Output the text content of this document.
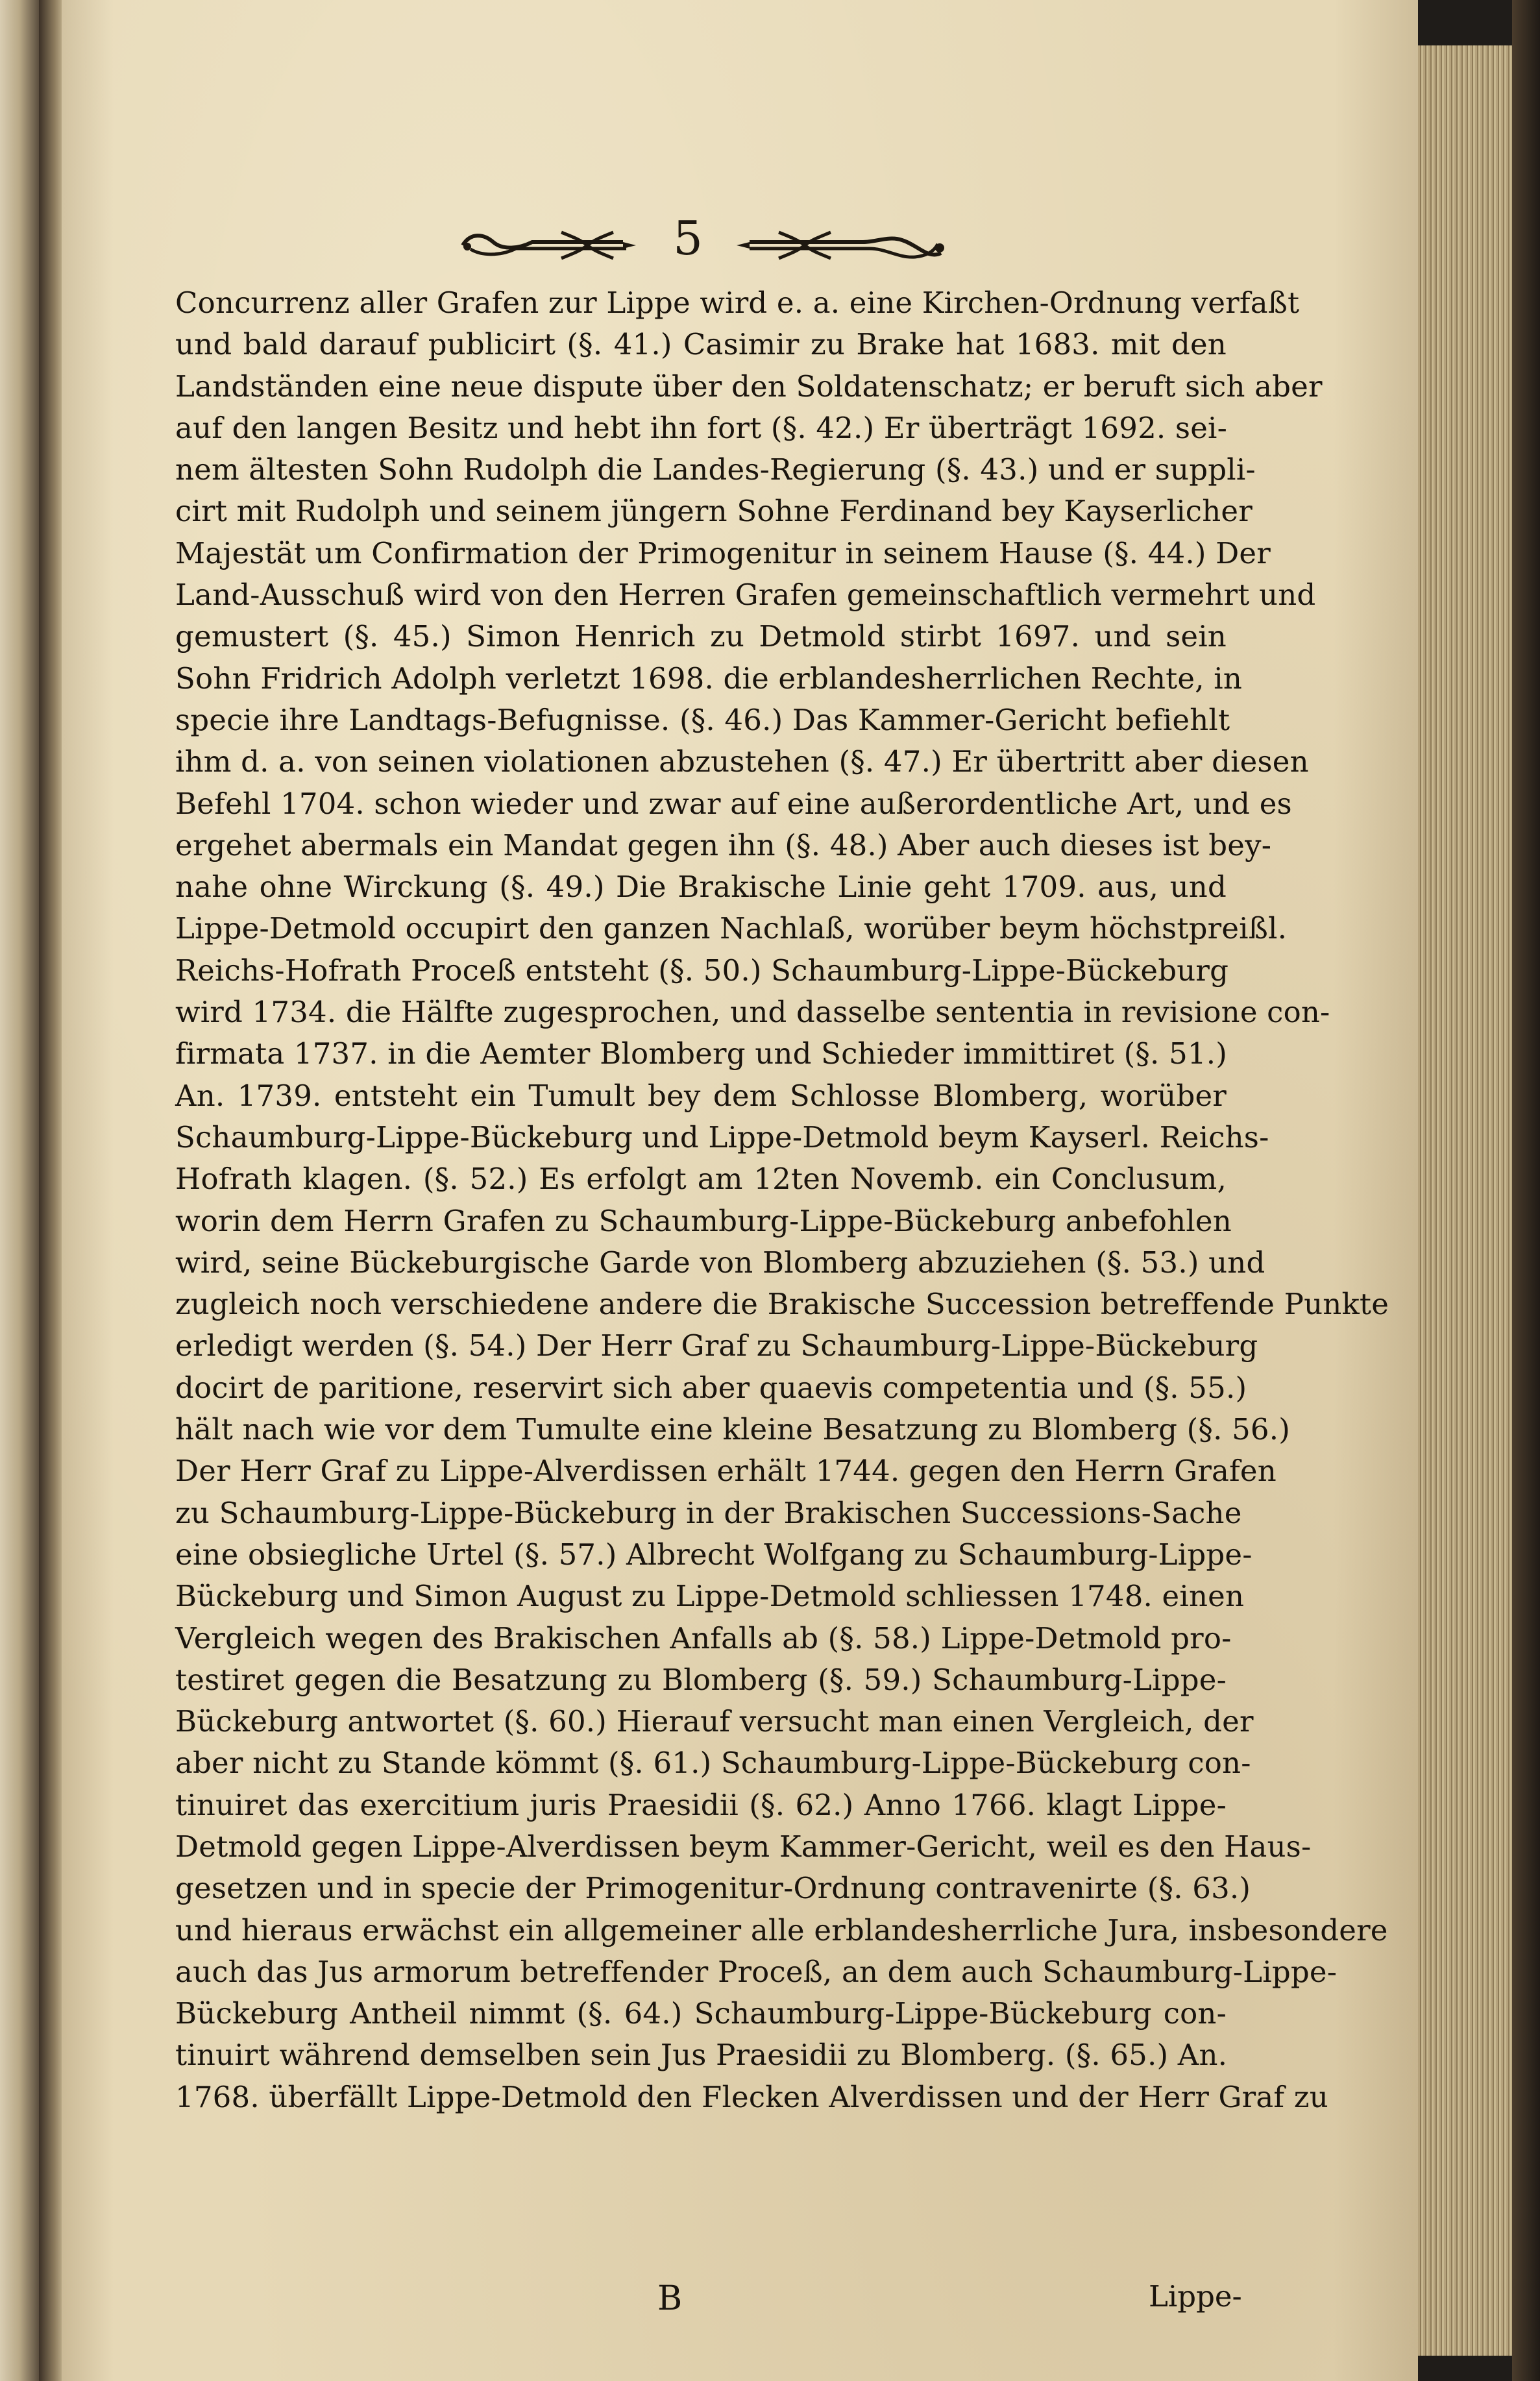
5
Concurrenz aller Grafen zur Lippe wird e. a. eine Kirchen-Ordnung verfaßt
und bald darauf publicirt (§. 41.) Casimir zu Brake hat 1683. mit den
Landständen eine neue dispute über den Soldatenschatz; er beruft sich aber
auf den langen Besitz und hebt ihn fort (§. 42.) Er überträgt 1692. sei-
nem ältesten Sohn Rudolph die Landes-Regierung (§. 43.) und er suppli-
cirt mit Rudolph und seinem jüngern Sohne Ferdinand bey Kayserlicher
Majestät um Confirmation der Primogenitur in seinem Hause (§. 44.) Der
Land-Ausschuß wird von den Herren Grafen gemeinschaftlich vermehrt und
gemustert (§. 45.) Simon Henrich zu Detmold stirbt 1697. und sein
Sohn Fridrich Adolph verletzt 1698. die erblandesherrlichen Rechte, in
specie ihre Landtags-Befugnisse. (§. 46.) Das Kammer-Gericht befiehlt
ihm d. a. von seinen violationen abzustehen (§. 47.) Er übertritt aber diesen
Befehl 1704. schon wieder und zwar auf eine außerordentliche Art, und es
ergehet abermals ein Mandat gegen ihn (§. 48.) Aber auch dieses ist bey-
nahe ohne Wirckung (§. 49.) Die Brakische Linie geht 1709. aus, und
Lippe-Detmold occupirt den ganzen Nachlaß, worüber beym höchstpreißl.
Reichs-Hofrath Proceß entsteht (§. 50.) Schaumburg-Lippe-Bückeburg
wird 1734. die Hälfte zugesprochen, und dasselbe sententia in revisione con-
firmata 1737. in die Aemter Blomberg und Schieder immittiret (§. 51.)
An. 1739. entsteht ein Tumult bey dem Schlosse Blomberg, worüber
Schaumburg-Lippe-Bückeburg und Lippe-Detmold beym Kayserl. Reichs-
Hofrath klagen. (§. 52.) Es erfolgt am 12ten Novemb. ein Conclusum,
worin dem Herrn Grafen zu Schaumburg-Lippe-Bückeburg anbefohlen
wird, seine Bückeburgische Garde von Blomberg abzuziehen (§. 53.) und
zugleich noch verschiedene andere die Brakische Succession betreffende Punkte
erledigt werden (§. 54.) Der Herr Graf zu Schaumburg-Lippe-Bückeburg
docirt de paritione, reservirt sich aber quaevis competentia und (§. 55.)
hält nach wie vor dem Tumulte eine kleine Besatzung zu Blomberg (§. 56.)
Der Herr Graf zu Lippe-Alverdissen erhält 1744. gegen den Herrn Grafen
zu Schaumburg-Lippe-Bückeburg in der Brakischen Successions-Sache
eine obsiegliche Urtel (§. 57.) Albrecht Wolfgang zu Schaumburg-Lippe-
Bückeburg und Simon August zu Lippe-Detmold schliessen 1748. einen
Vergleich wegen des Brakischen Anfalls ab (§. 58.) Lippe-Detmold pro-
testiret gegen die Besatzung zu Blomberg (§. 59.) Schaumburg-Lippe-
Bückeburg antwortet (§. 60.) Hierauf versucht man einen Vergleich, der
aber nicht zu Stande kömmt (§. 61.) Schaumburg-Lippe-Bückeburg con-
tinuiret das exercitium juris Praesidii (§. 62.) Anno 1766. klagt Lippe-
Detmold gegen Lippe-Alverdissen beym Kammer-Gericht, weil es den Haus-
gesetzen und in specie der Primogenitur-Ordnung contravenirte (§. 63.)
und hieraus erwächst ein allgemeiner alle erblandesherrliche Jura, insbesondere
auch das Jus armorum betreffender Proceß, an dem auch Schaumburg-Lippe-
Bückeburg Antheil nimmt (§. 64.) Schaumburg-Lippe-Bückeburg con-
tinuirt während demselben sein Jus Praesidii zu Blomberg. (§. 65.) An.
1768. überfällt Lippe-Detmold den Flecken Alverdissen und der Herr Graf zu
B	Lippe-
